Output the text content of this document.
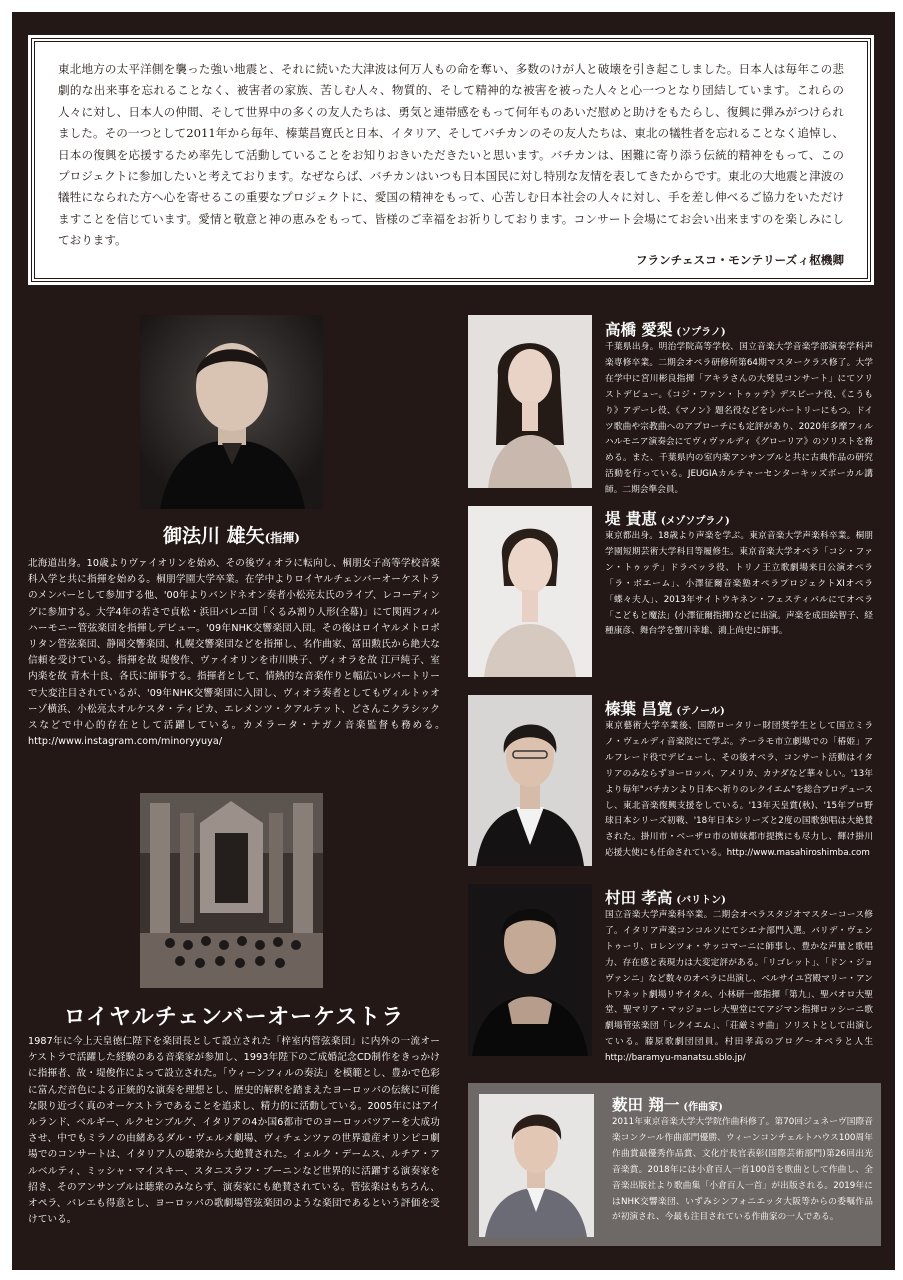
東北地方の太平洋側を襲った強い地震と、それに続いた大津波は何万人もの命を奪い、多数のけが人と破壊を引き起こしました。日本人は毎年この悲劇的な出来事を忘れることなく、被害者の家族、苦しむ人々、物質的、そして精神的な被害を被った人々と心一つとなり団結しています。これらの人々に対し、日本人の仲間、そして世界中の多くの友人たちは、勇気と連帯感をもって何年ものあいだ慰めと助けをもたらし、復興に弾みがつけられました。その一つとして2011年から毎年、榛葉昌寛氏と日本、イタリア、そしてバチカンのその友人たちは、東北の犠牲者を忘れることなく追悼し、日本の復興を応援するため率先して活動していることをお知りおきいただきたいと思います。バチカンは、困難に寄り添う伝統的精神をもって、このプロジェクトに参加したいと考えております。なぜならば、バチカンはいつも日本国民に対し特別な友情を表してきたからです。東北の大地震と津波の犠牲になられた方へ心を寄せるこの重要なプロジェクトに、愛国の精神をもって、心苦しむ日本社会の人々に対し、手を差し伸べるご協力をいただけますことを信じています。愛情と敬意と神の恵みをもって、皆様のご幸福をお祈りしております。コンサート会場にてお会い出来ますのを楽しみにしております。

フランチェスコ・モンテリーズィ枢機卿

御法川 雄矢(指揮)
北海道出身。10歳よりヴァイオリンを始め、その後ヴィオラに転向し、桐朋女子高等学校音楽科入学と共に指揮を始める。桐朋学園大学卒業。在学中よりロイヤルチェンバーオーケストラのメンバーとして参加する他、'00年よりバンドネオン奏者小松亮太氏のライブ、レコーディングに参加する。大学4年の若さで貞松・浜田バレエ団「くるみ割り人形(全幕)」にて関西フィルハーモニー管弦楽団を指揮しデビュー。'09年NHK交響楽団入団。その後はロイヤルメトロポリタン管弦楽団、静岡交響楽団、札幌交響楽団などを指揮し、名作曲家、冨田勲氏から絶大な信頼を受けている。指揮を故 堤俊作、ヴァイオリンを市川映子、ヴィオラを故 江戸純子、室内楽を故 青木十良、各氏に師事する。指揮者として、情熱的な音楽作りと幅広いレパートリーで大変注目されているが、'09年NHK交響楽団に入団し、ヴィオラ奏者としてもヴィルトゥオーゾ横浜、小松亮太オルケスタ・ティピカ、エレメンツ・クアルテット、どさんこクラシックスなどで中心的存在として活躍している。カメラータ・ナガノ音楽監督も務める。　http://www.instagram.com/minoryyuya/
ロイヤルチェンバーオーケストラ
1987年に今上天皇徳仁陛下を楽団長として設立された「梓室内管弦楽団」に内外の一流オーケストラで活躍した経験のある音楽家が参加し、1993年陛下のご成婚記念CD制作をきっかけに指揮者、故・堤俊作によって設立された。「ウィーンフィルの奏法」を模範とし、豊かで色彩に富んだ音色による正統的な演奏を理想とし、歴史的解釈を踏まえたヨーロッパの伝統に可能な限り近づく真のオーケストラであることを追求し、精力的に活動している。2005年にはアイルランド、ベルギー、ルクセンブルグ、イタリアの4か国6都市でのヨーロッパツアーを大成功させ、中でもミラノの由緒あるダル・ヴェルメ劇場、ヴィチェンツァの世界遺産オリンピコ劇場でのコンサートは、イタリア人の聴衆から大絶賛された。イェルク・デームス、ルチア・アルベルティ、ミッシャ・マイスキー、スタニスラフ・ブーニンなど世界的に活躍する演奏家を招き、そのアンサンブルは聴衆のみならず、演奏家にも絶賛されている。管弦楽はもちろん、オペラ、バレエも得意とし、ヨーロッパの歌劇場管弦楽団のような楽団であるという評価を受けている。
高橋 愛梨 (ソプラノ)
千葉県出身。明治学院高等学校、国立音楽大学音楽学部演奏学科声楽専修卒業。二期会オペラ研修所第64期マスタークラス修了。大学在学中に宮川彬良指揮「アキラさんの大発見コンサート」にてソリストデビュー。《コジ・ファン・トゥッテ》デスピーナ役、《こうもり》アデーレ役、《マノン》題名役などをレパートリーにもつ。ドイツ歌曲や宗教曲へのアプローチにも定評があり、2020年多摩フィルハルモニア演奏会にてヴィヴァルディ《グローリア》のソリストを務める。また、千葉県内の室内楽アンサンブルと共に古典作品の研究活動を行っている。JEUGIAカルチャーセンターキッズボーカル講師。二期会準会員。
堤 貴恵 (メゾソプラノ)
東京都出身。18歳より声楽を学ぶ。東京音楽大学声楽科卒業。桐朋学園短期芸術大学科目等履修生。東京音楽大学オペラ「コシ・ファン・トゥッテ」ドラベッラ役、トリノ王立歌劇場来日公演オペラ「ラ・ボエーム」、小澤征爾音楽塾オペラプロジェクトXIオペラ「蝶々夫人」、2013年サイトウキネン・フェスティバルにてオペラ「こどもと魔法」(小澤征爾指揮)などに出演。声楽を成田絵智子、経種康彦、舞台学を蟹川幸雄、鴻上尚史に師事。
榛葉 昌寛 (テノール)
東京藝術大学卒業後、国際ロータリー財団奨学生として国立ミラノ・ヴェルディ音楽院にて学ぶ。テーラモ市立劇場での「椿姫」アルフレード役でデビューし、その後オペラ、コンサート活動はイタリアのみならずヨーロッパ、アメリカ、カナダなど華々しい。'13年より毎年"バチカンより日本へ祈りのレクイエム"を総合プロデュースし、東北音楽復興支援をしている。'13年天皇賞(秋)、'15年プロ野球日本シリーズ初戦、'18年日本シリーズと2度の国歌独唱は大絶賛された。掛川市・ベーザロ市の姉妹都市提携にも尽力し、輝け掛川応援大使にも任命されている。http://www.masahiroshimba.com
村田 孝高 (バリトン)
国立音楽大学声楽科卒業。二期会オペラスタジオマスターコース修了。イタリア声楽コンコルソにてシエナ部門入選。バリデ・ヴェントゥーリ、ロレンツォ・サッコマーニに師事し、豊かな声量と歌唱力、存在感と表現力は大変定評がある。「リゴレット」、「ドン・ジョヴァンニ」など数々のオペラに出演し、ベルサイユ宮殿マリー・アントワネット劇場リサイタル、小林研一郎指揮「第九」、聖パオロ大聖堂、聖マリア・マッジョーレ大聖堂にてアジマン指揮ロッシーニ歌劇場管弦楽団「レクイエム」、「荘厳ミサ曲」ソリストとして出演している。藤原歌劇団団員。村田孝高のブログ～オペラと人生http://baramyu-manatsu.sblo.jp/
薮田 翔一 (作曲家)
2011年東京音楽大学大学院作曲科修了。第70回ジュネーヴ国際音楽コンクール作曲部門優勝、ウィーンコンチェルトハウス100周年作曲賞最優秀作品賞、文化庁長官表彰(国際芸術部門)第26回出光音楽賞。2018年には小倉百人一首100首を歌曲として作曲し、全音楽出版社より歌曲集「小倉百人一首」が出版される。2019年にはNHK交響楽団、いずみシンフォニエッタ大阪等からの委嘱作品が初演され、今最も注目されている作曲家の一人である。
